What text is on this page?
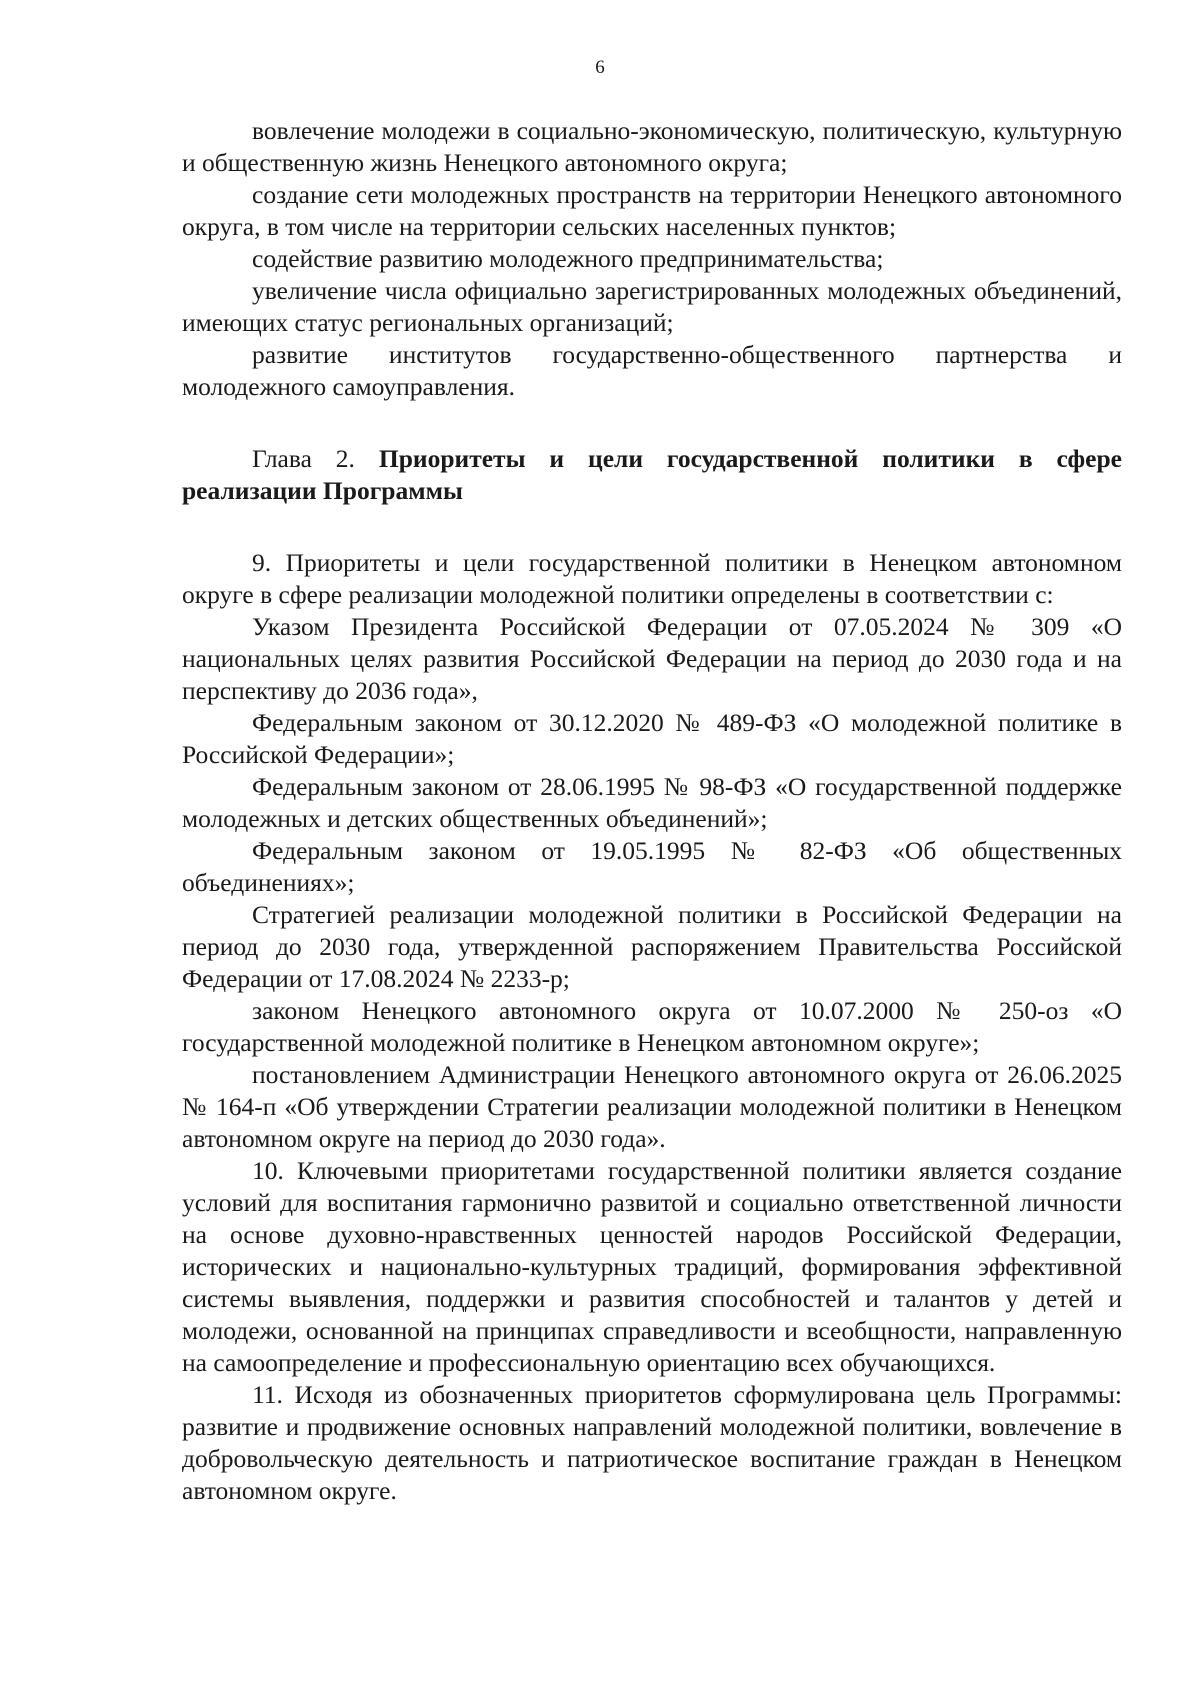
6

вовлечение молодежи в социально-экономическую, политическую, культурную и общественную жизнь Ненецкого автономного округа;

создание сети молодежных пространств на территории Ненецкого автономного округа, в том числе на территории сельских населенных пунктов;

содействие развитию молодежного предпринимательства;

увеличение числа официально зарегистрированных молодежных объединений, имеющих статус региональных организаций;

развитие институтов государственно-общественного партнерства и молодежного самоуправления.

Глава 2. Приоритеты и цели государственной политики в сфере реализации Программы

9. Приоритеты и цели государственной политики в Ненецком автономном округе в сфере реализации молодежной политики определены в соответствии с:

Указом Президента Российской Федерации от 07.05.2024 № 309 «О национальных целях развития Российской Федерации на период до 2030 года и на перспективу до 2036 года»,

Федеральным законом от 30.12.2020 № 489-ФЗ «О молодежной политике в Российской Федерации»;

Федеральным законом от 28.06.1995 № 98-ФЗ «О государственной поддержке молодежных и детских общественных объединений»;

Федеральным законом от 19.05.1995 № 82-ФЗ «Об общественных объединениях»;

Стратегией реализации молодежной политики в Российской Федерации на период до 2030 года, утвержденной распоряжением Правительства Российской Федерации от 17.08.2024 № 2233-р;

законом Ненецкого автономного округа от 10.07.2000 № 250-оз «О государственной молодежной политике в Ненецком автономном округе»;

постановлением Администрации Ненецкого автономного округа от 26.06.2025 № 164-п «Об утверждении Стратегии реализации молодежной политики в Ненецком автономном округе на период до 2030 года».

10. Ключевыми приоритетами государственной политики является создание условий для воспитания гармонично развитой и социально ответственной личности на основе духовно-нравственных ценностей народов Российской Федерации, исторических и национально-культурных традиций, формирования эффективной системы выявления, поддержки и развития способностей и талантов у детей и молодежи, основанной на принципах справедливости и всеобщности, направленную на самоопределение и профессиональную ориентацию всех обучающихся.

11. Исходя из обозначенных приоритетов сформулирована цель Программы: развитие и продвижение основных направлений молодежной политики, вовлечение в добровольческую деятельность и патриотическое воспитание граждан в Ненецком автономном округе.
